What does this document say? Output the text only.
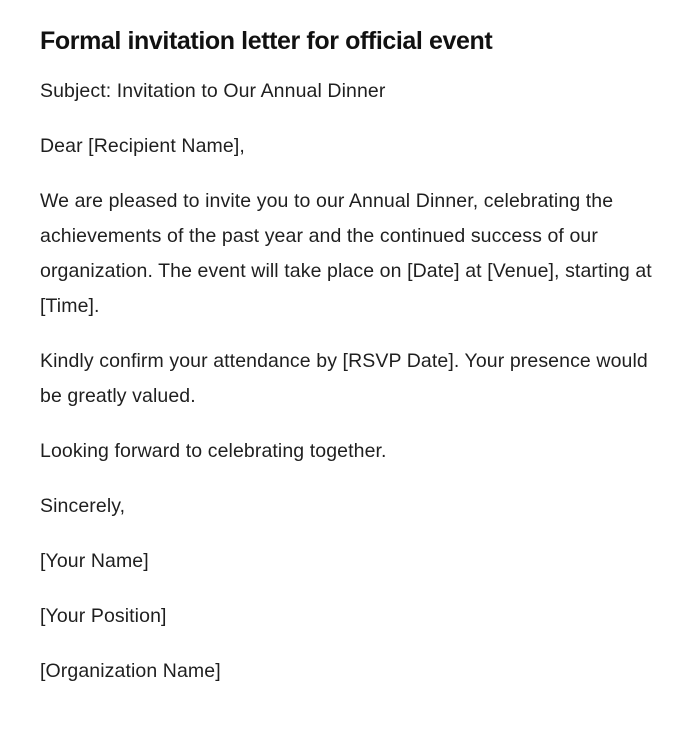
Formal invitation letter for official event

Subject: Invitation to Our Annual Dinner

Dear [Recipient Name],

We are pleased to invite you to our Annual Dinner, celebrating the achievements of the past year and the continued success of our organization. The event will take place on [Date] at [Venue], starting at [Time].

Kindly confirm your attendance by [RSVP Date]. Your presence would be greatly valued.

Looking forward to celebrating together.

Sincerely,

[Your Name]

[Your Position]

[Organization Name]
